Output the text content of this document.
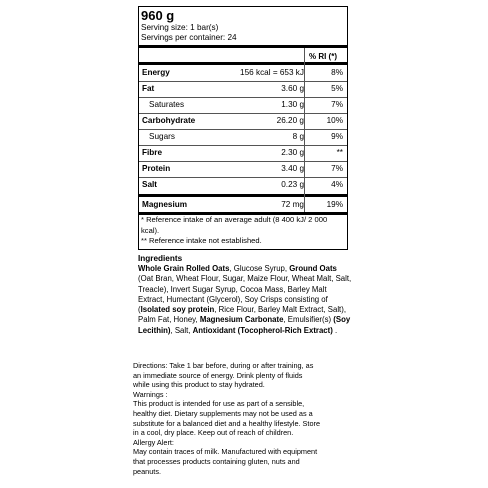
960 g
Serving size: 1 bar(s)
Servings per container: 24
% RI (*)
Energy	156 kcal = 653 kJ	8%
Fat	3.60 g	5%
Saturates	1.30 g	7%
Carbohydrate	26.20 g	10%
Sugars	8 g	9%
Fibre	2.30 g	**
Protein	3.40 g	7%
Salt	0.23 g	4%
Magnesium	72 mg	19%
* Reference intake of an average adult (8 400 kJ/ 2 000 kcal).
** Reference intake not established.
Ingredients
Whole Grain Rolled Oats, Glucose Syrup, Ground Oats (Oat Bran, Wheat Flour, Sugar, Maize Flour, Wheat Malt, Salt, Treacle), Invert Sugar Syrup, Cocoa Mass, Barley Malt Extract, Humectant (Glycerol), Soy Crisps consisting of (Isolated soy protein, Rice Flour, Barley Malt Extract, Salt), Palm Fat, Honey, Magnesium Carbonate, Emulsifier(s) (Soy Lecithin), Salt, Antioxidant (Tocopherol-Rich Extract) .
Directions: Take 1 bar before, during or after training, as
an immediate source of energy. Drink plenty of fluids
while using this product to stay hydrated.
Warnings :
This product is intended for use as part of a sensible,
healthy diet. Dietary supplements may not be used as a
substitute for a balanced diet and a healthy lifestyle. Store
in a cool, dry place. Keep out of reach of children.
Allergy Alert:
May contain traces of milk. Manufactured with equipment
that processes products containing gluten, nuts and
peanuts.
